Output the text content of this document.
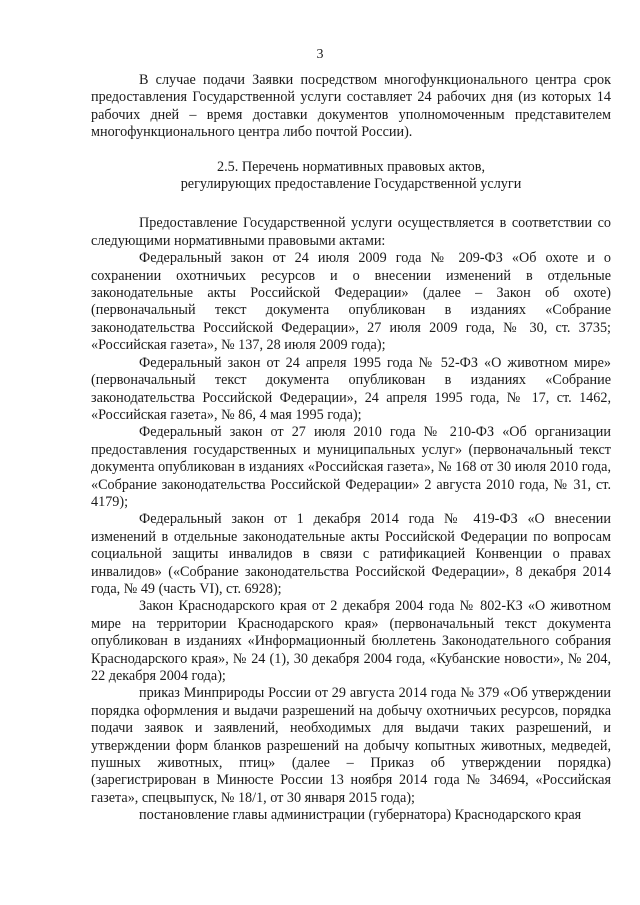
3

В случае подачи Заявки посредством многофункционального центра срок предоставления Государственной услуги составляет 24 рабочих дня (из которых 14 рабочих дней – время доставки документов уполномоченным представителем многофункционального центра либо почтой России).

2.5. Перечень нормативных правовых актов,

регулирующих предоставление Государственной услуги

Предоставление Государственной услуги осуществляется в соответствии со следующими нормативными правовыми актами:

Федеральный закон от 24 июля 2009 года № 209-ФЗ «Об охоте и о сохранении охотничьих ресурсов и о внесении изменений в отдельные законодательные акты Российской Федерации» (далее – Закон об охоте) (первоначальный текст документа опубликован в изданиях «Собрание законодательства Российской Федерации», 27 июля 2009 года, № 30, ст. 3735; «Российская газета», № 137, 28 июля 2009 года);

Федеральный закон от 24 апреля 1995 года № 52-ФЗ «О животном мире» (первоначальный текст документа опубликован в изданиях «Собрание законодательства Российской Федерации», 24 апреля 1995 года, № 17, ст. 1462, «Российская газета», № 86, 4 мая 1995 года);

Федеральный закон от 27 июля 2010 года № 210-ФЗ «Об организации предоставления государственных и муниципальных услуг» (первоначальный текст документа опубликован в изданиях «Российская газета», № 168 от 30 июля 2010 года, «Собрание законодательства Российской Федерации» 2 августа 2010 года, № 31, ст. 4179);

Федеральный закон от 1 декабря 2014 года № 419-ФЗ «О внесении изменений в отдельные законодательные акты Российской Федерации по вопросам социальной защиты инвалидов в связи с ратификацией Конвенции о правах инвалидов» («Собрание законодательства Российской Федерации», 8 декабря 2014 года, № 49 (часть VI), ст. 6928);

Закон Краснодарского края от 2 декабря 2004 года № 802-КЗ «О животном мире на территории Краснодарского края» (первоначальный текст документа опубликован в изданиях «Информационный бюллетень Законодательного собрания Краснодарского края», № 24 (1), 30 декабря 2004 года, «Кубанские новости», № 204, 22 декабря 2004 года);

приказ Минприроды России от 29 августа 2014 года № 379 «Об утверждении порядка оформления и выдачи разрешений на добычу охотничьих ресурсов, порядка подачи заявок и заявлений, необходимых для выдачи таких разрешений, и утверждении форм бланков разрешений на добычу копытных животных, медведей, пушных животных, птиц» (далее – Приказ об утверждении порядка) (зарегистрирован в Минюсте России 13 ноября 2014 года № 34694, «Российская газета», спецвыпуск, № 18/1, от 30 января 2015 года);

постановление главы администрации (губернатора) Краснодарского края
